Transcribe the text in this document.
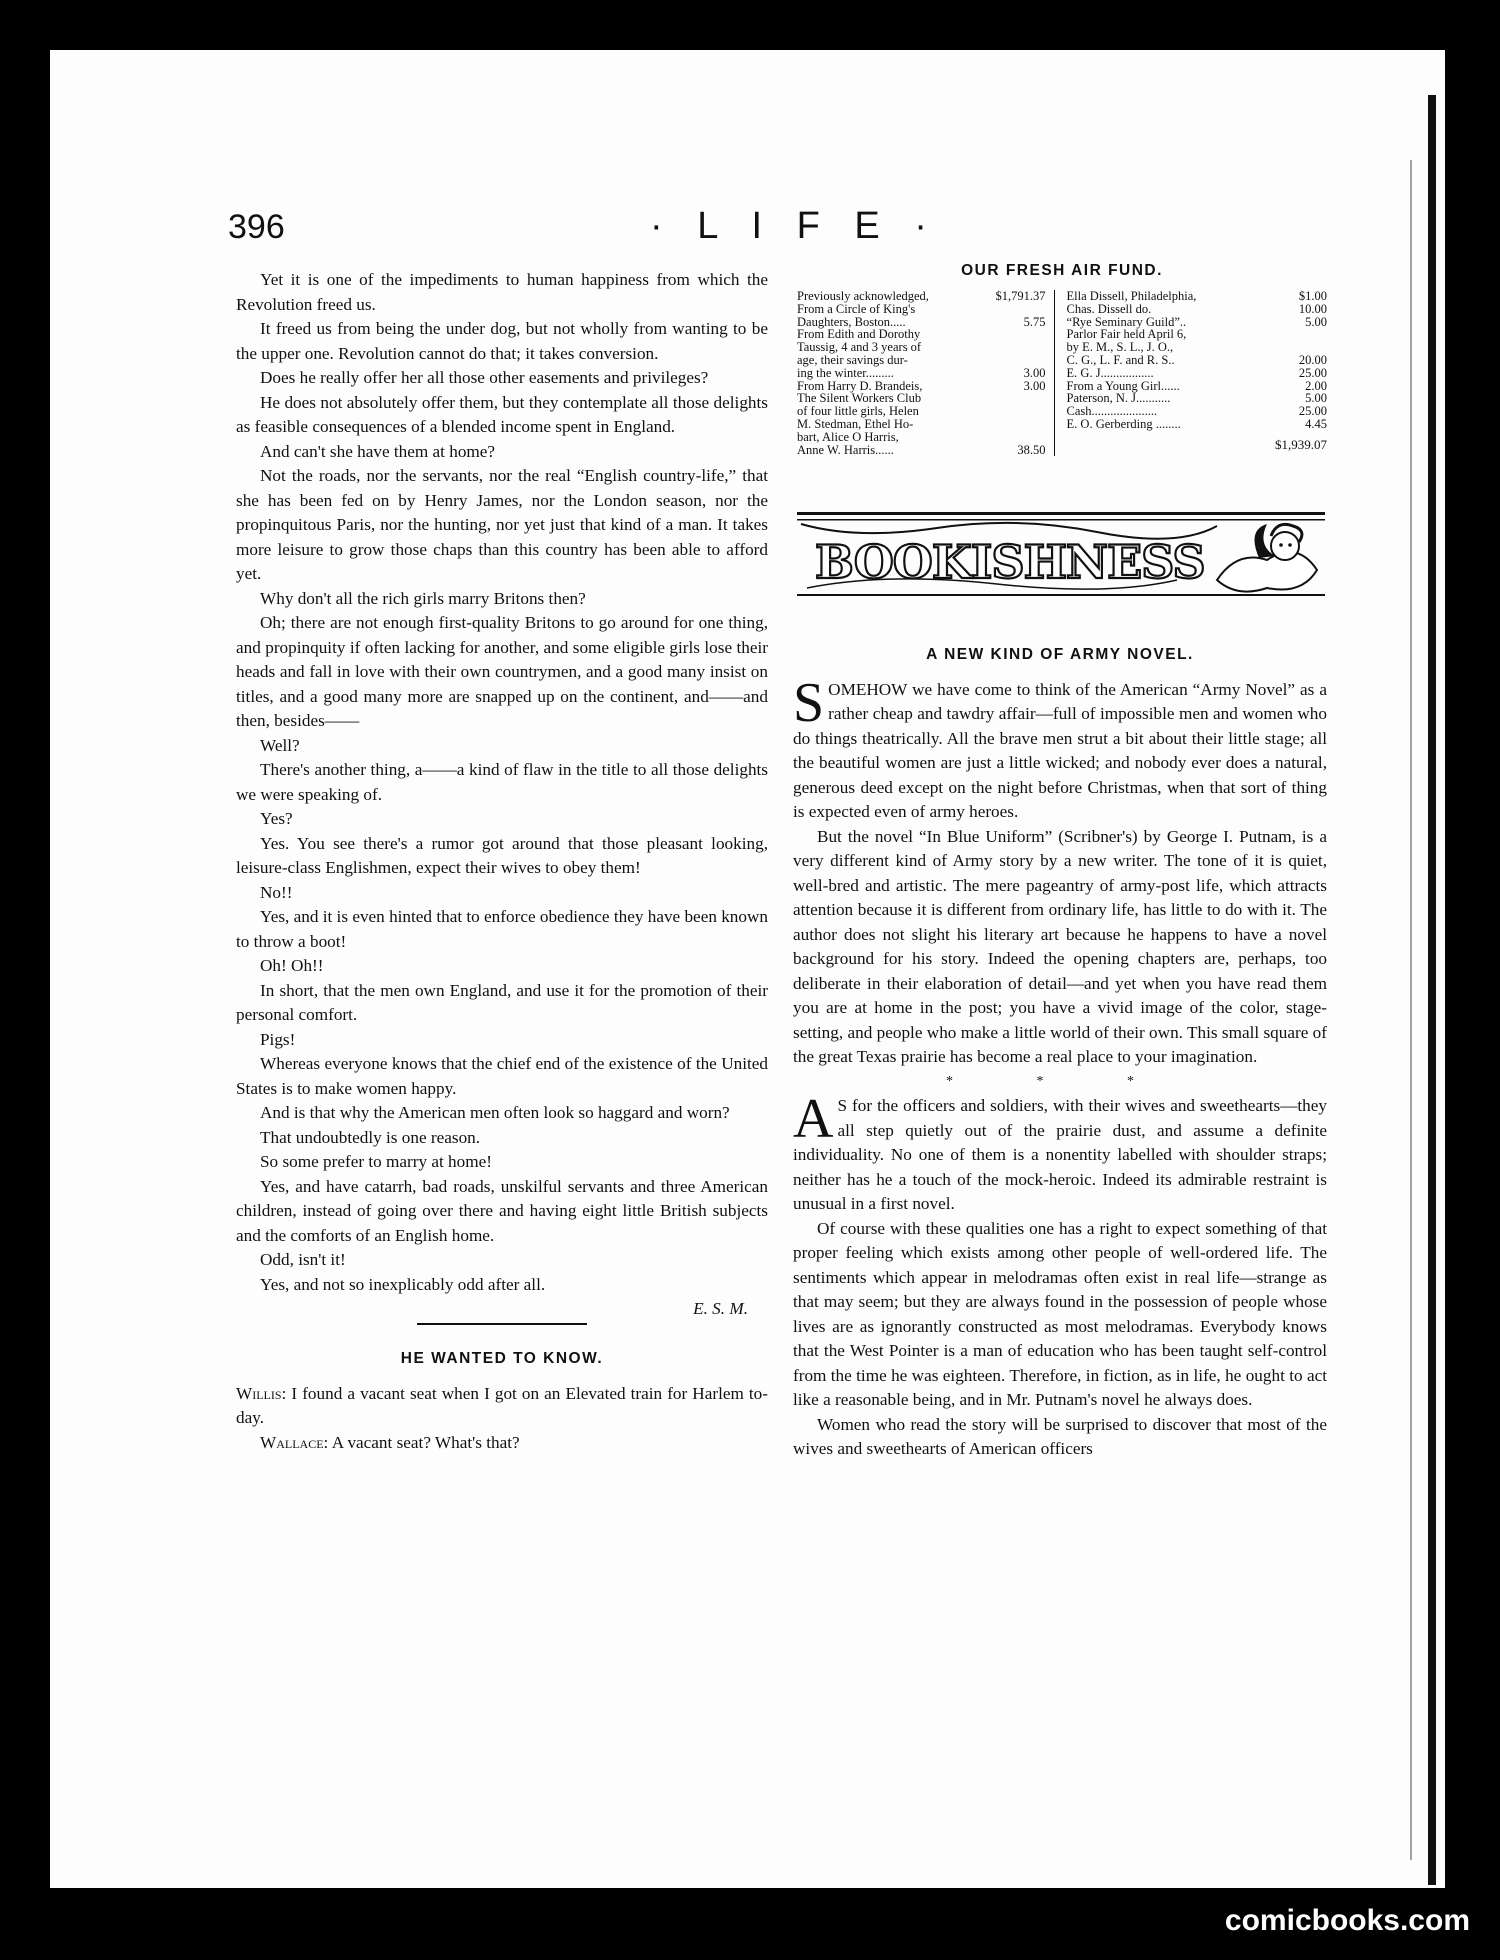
396	· L I F E ·

Yet it is one of the impediments to human happiness from which the Revolution freed us.

It freed us from being the under dog, but not wholly from wanting to be the upper one. Revolution cannot do that; it takes conversion.

Does he really offer her all those other easements and privileges?

He does not absolutely offer them, but they contemplate all those delights as feasible consequences of a blended income spent in England.

And can't she have them at home?

Not the roads, nor the servants, nor the real “English country-life,” that she has been fed on by Henry James, nor the London season, nor the propinquitous Paris, nor the hunting, nor yet just that kind of a man. It takes more leisure to grow those chaps than this country has been able to afford yet.

Why don't all the rich girls marry Britons then?

Oh; there are not enough first-quality Britons to go around for one thing, and propinquity if often lacking for another, and some eligible girls lose their heads and fall in love with their own countrymen, and a good many insist on titles, and a good many more are snapped up on the continent, and——and then, besides——

Well?

There's another thing, a——a kind of flaw in the title to all those delights we were speaking of.

Yes?

Yes. You see there's a rumor got around that those pleasant looking, leisure-class Englishmen, expect their wives to obey them!

No!!

Yes, and it is even hinted that to enforce obedience they have been known to throw a boot!

Oh! Oh!!

In short, that the men own England, and use it for the promotion of their personal comfort.

Pigs!

Whereas everyone knows that the chief end of the existence of the United States is to make women happy.

And is that why the American men often look so haggard and worn?

That undoubtedly is one reason.

So some prefer to marry at home!

Yes, and have catarrh, bad roads, unskilful servants and three American children, instead of going over there and having eight little British subjects and the comforts of an English home.

Odd, isn't it!

Yes, and not so inexplicably odd after all.

E. S. M.
HE WANTED TO KNOW.

Willis: I found a vacant seat when I got on an Elevated train for Harlem to-day.

Wallace: A vacant seat? What's that?

OUR FRESH AIR FUND.
Previously acknowledged,	$1,791.37
From a Circle of King's
Daughters, Boston.....	5.75
From Edith and Dorothy
Taussig, 4 and 3 years of
age, their savings dur-
ing the winter.........	3.00
From Harry D. Brandeis,	3.00
The Silent Workers Club
of four little girls, Helen
M. Stedman, Ethel Ho-
bart, Alice O Harris,
Anne W. Harris......	38.50
Ella Dissell, Philadelphia,	$1.00
Chas. Dissell do.	10.00
“Rye Seminary Guild”..	5.00
Parlor Fair held April 6,
by E. M., S. L., J. O.,
C. G., L. F. and R. S..	20.00
E. G. J.................	25.00
From a Young Girl......	2.00
Paterson, N. J...........	5.00
Cash.....................	25.00
E. O. Gerberding ........	4.45
$1,939.07
BOOKISHNESS
A NEW KIND OF ARMY NOVEL.

SOMEHOW we have come to think of the American “Army Novel” as a rather cheap and tawdry affair—full of impossible men and women who do things theatrically. All the brave men strut a bit about their little stage; all the beautiful women are just a little wicked; and nobody ever does a natural, generous deed except on the night before Christmas, when that sort of thing is expected even of army heroes.

But the novel “In Blue Uniform” (Scribner's) by George I. Putnam, is a very different kind of Army story by a new writer. The tone of it is quiet, well-bred and artistic. The mere pageantry of army-post life, which attracts attention because it is different from ordinary life, has little to do with it. The author does not slight his literary art because he happens to have a novel background for his story. Indeed the opening chapters are, perhaps, too deliberate in their elaboration of detail—and yet when you have read them you are at home in the post; you have a vivid image of the color, stage-setting, and people who make a little world of their own. This small square of the great Texas prairie has become a real place to your imagination.

* * *

A S for the officers and soldiers, with their wives and sweethearts—they all step quietly out of the prairie dust, and assume a definite individuality. No one of them is a nonentity labelled with shoulder straps; neither has he a touch of the mock-heroic. Indeed its admirable restraint is unusual in a first novel.

Of course with these qualities one has a right to expect something of that proper feeling which exists among other people of well-ordered life. The sentiments which appear in melodramas often exist in real life—strange as that may seem; but they are always found in the possession of people whose lives are as ignorantly constructed as most melodramas. Everybody knows that the West Pointer is a man of education who has been taught self-control from the time he was eighteen. Therefore, in fiction, as in life, he ought to act like a reasonable being, and in Mr. Putnam's novel he always does.

Women who read the story will be surprised to discover that most of the wives and sweethearts of American officers

comicbooks.com
